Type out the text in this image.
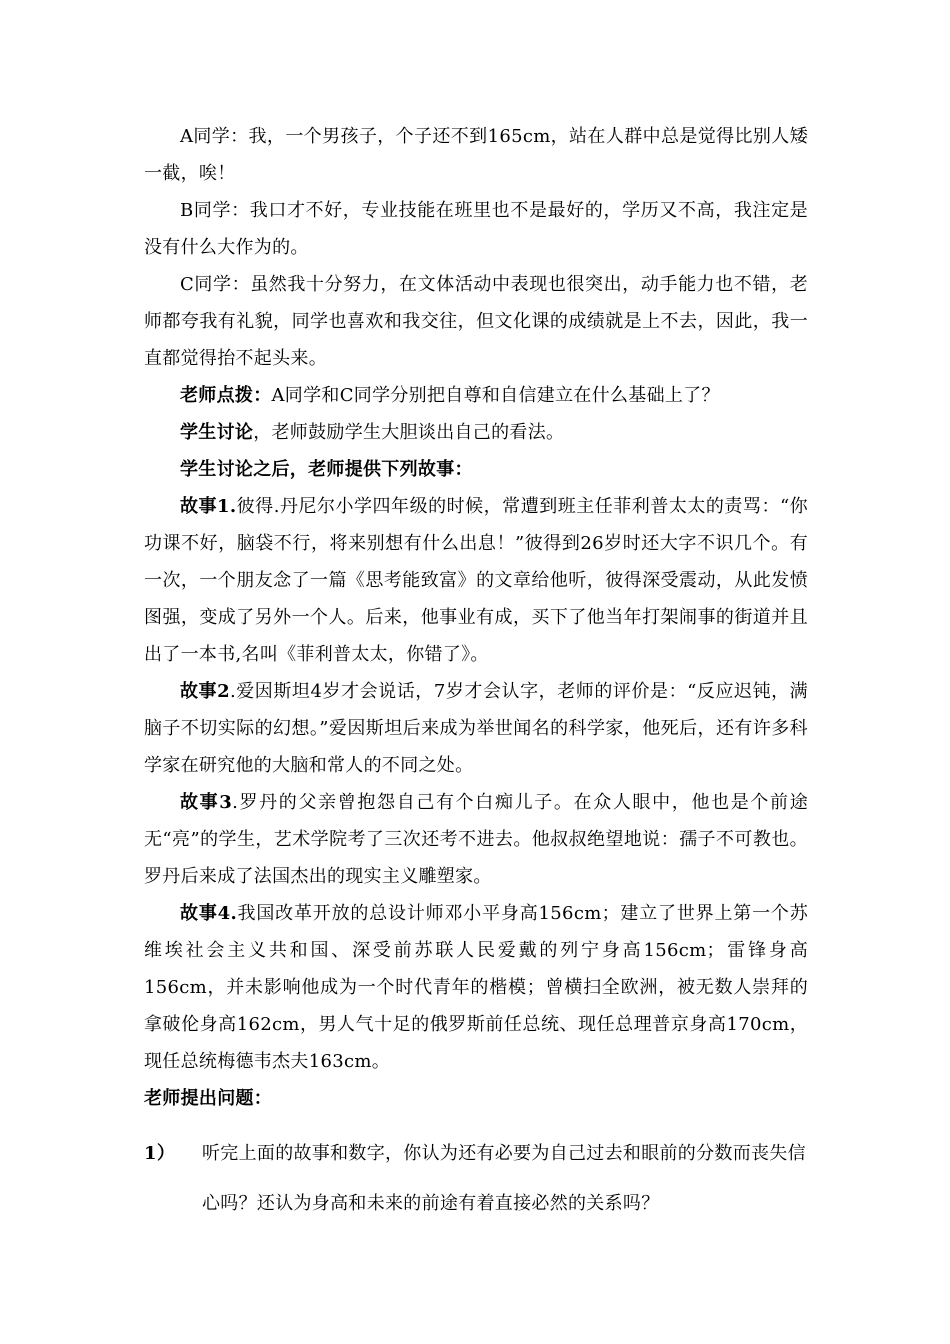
A同学：我，一个男孩子，个子还不到165cm，站在人群中总是觉得比别人矮一截，唉！

B同学：我口才不好，专业技能在班里也不是最好的，学历又不高，我注定是没有什么大作为的。

C同学：虽然我十分努力，在文体活动中表现也很突出，动手能力也不错，老师都夸我有礼貌，同学也喜欢和我交往，但文化课的成绩就是上不去，因此，我一直都觉得抬不起头来。

老师点拨：A同学和C同学分别把自尊和自信建立在什么基础上了？

学生讨论，老师鼓励学生大胆谈出自己的看法。

学生讨论之后，老师提供下列故事：

故事1.彼得.丹尼尔小学四年级的时候，常遭到班主任菲利普太太的责骂：“你功课不好，脑袋不行，将来别想有什么出息！”彼得到26岁时还大字不识几个。有一次，一个朋友念了一篇《思考能致富》的文章给他听，彼得深受震动，从此发愤图强，变成了另外一个人。后来，他事业有成，买下了他当年打架闹事的街道并且出了一本书,名叫《菲利普太太，你错了》。

故事2.爱因斯坦4岁才会说话，7岁才会认字，老师的评价是：“反应迟钝，满脑子不切实际的幻想。”爱因斯坦后来成为举世闻名的科学家，他死后，还有许多科学家在研究他的大脑和常人的不同之处。

故事3.罗丹的父亲曾抱怨自己有个白痴儿子。在众人眼中，他也是个前途无“亮”的学生，艺术学院考了三次还考不进去。他叔叔绝望地说：孺子不可教也。罗丹后来成了法国杰出的现实主义雕塑家。

故事4.我国改革开放的总设计师邓小平身高156cm；建立了世界上第一个苏维埃社会主义共和国、深受前苏联人民爱戴的列宁身高156cm；雷锋身高156cm，并未影响他成为一个时代青年的楷模；曾横扫全欧洲，被无数人崇拜的拿破伦身高162cm，男人气十足的俄罗斯前任总统、现任总理普京身高170cm，现任总统梅德韦杰夫163cm。

老师提出问题：

1） 听完上面的故事和数字，你认为还有必要为自己过去和眼前的分数而丧失信心吗？还认为身高和未来的前途有着直接必然的关系吗？
